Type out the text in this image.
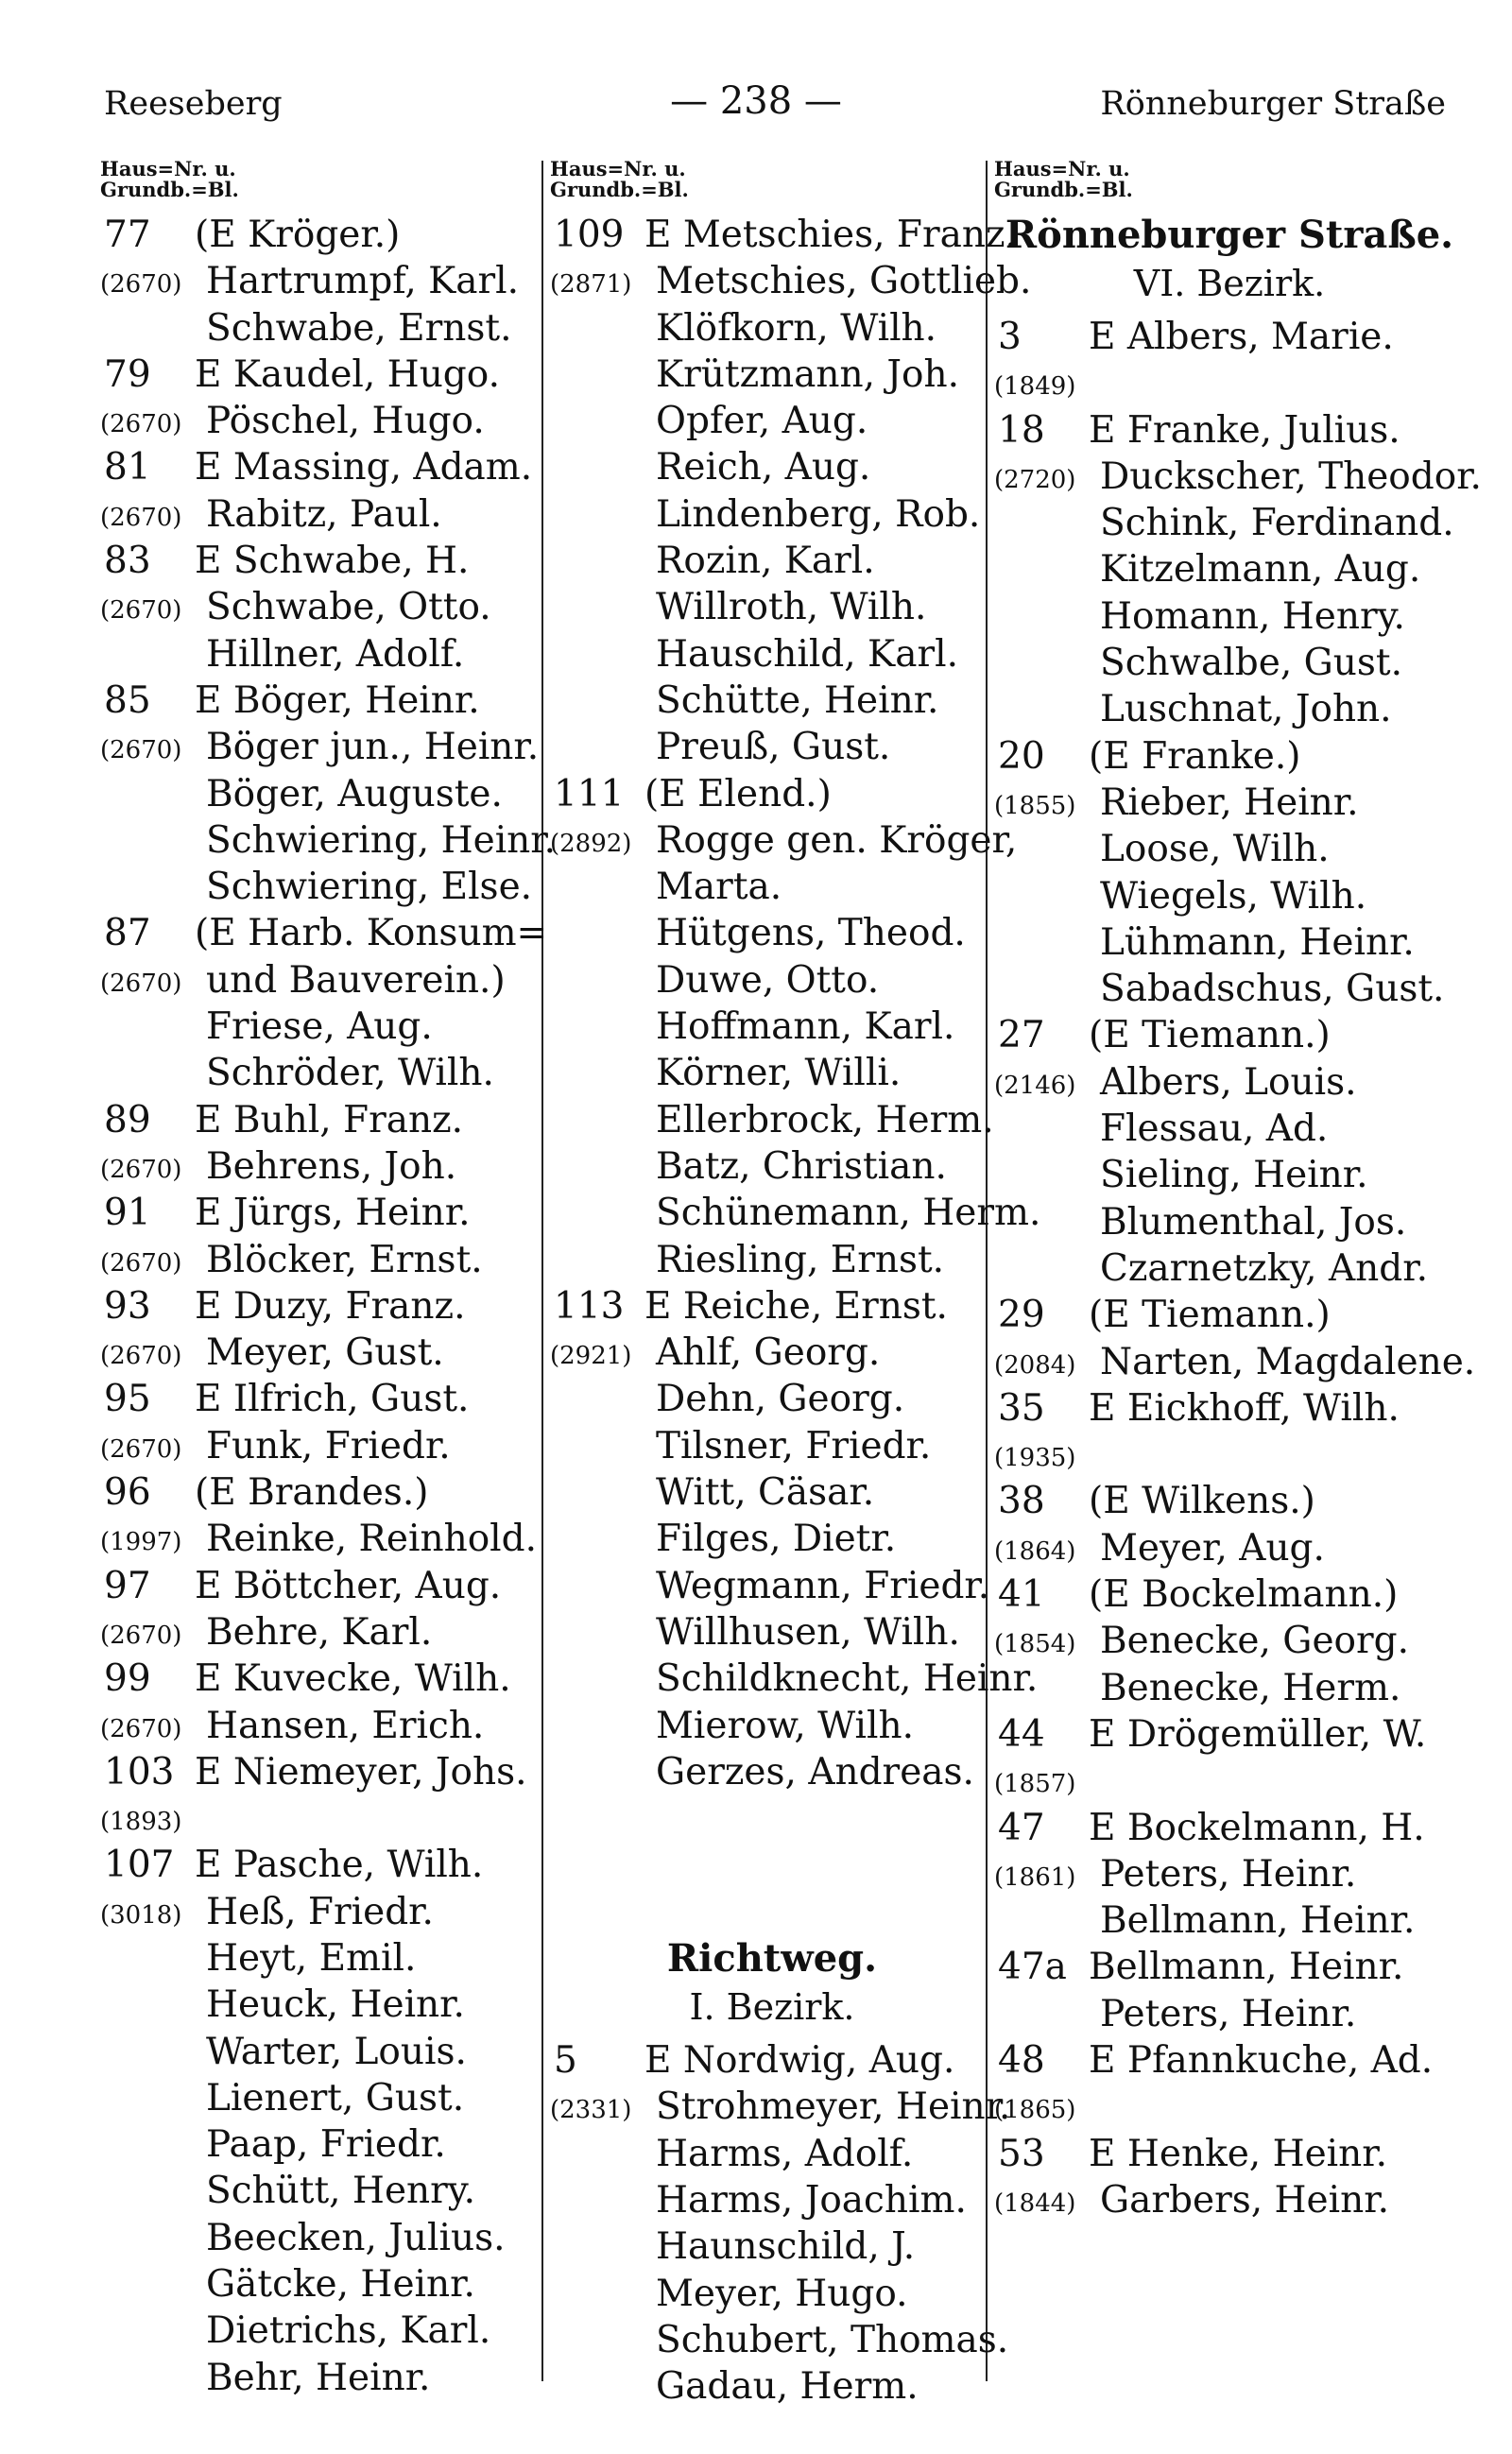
Reeseberg	— 238 —	Rönneburger Straße
Haus=Nr. u.
Grundb.=Bl.
77 (E Kröger.)
(2670) Hartrumpf, Karl.
Schwabe, Ernst.
79 E Kaudel, Hugo.
(2670) Pöschel, Hugo.
81 E Massing, Adam.
(2670) Rabitz, Paul.
83 E Schwabe, H.
(2670) Schwabe, Otto.
Hillner, Adolf.
85 E Böger, Heinr.
(2670) Böger jun., Heinr.
Böger, Auguste.
Schwiering, Heinr.
Schwiering, Else.
87 (E Harb. Konsum=
(2670) und Bauverein.)
Friese, Aug.
Schröder, Wilh.
89 E Buhl, Franz.
(2670) Behrens, Joh.
91 E Jürgs, Heinr.
(2670) Blöcker, Ernst.
93 E Duzy, Franz.
(2670) Meyer, Gust.
95 E Ilfrich, Gust.
(2670) Funk, Friedr.
96 (E Brandes.)
(1997) Reinke, Reinhold.
97 E Böttcher, Aug.
(2670) Behre, Karl.
99 E Kuvecke, Wilh.
(2670) Hansen, Erich.
103 E Niemeyer, Johs.
(1893)
107 E Pasche, Wilh.
(3018) Heß, Friedr.
Heyt, Emil.
Heuck, Heinr.
Warter, Louis.
Lienert, Gust.
Paap, Friedr.
Schütt, Henry.
Beecken, Julius.
Gätcke, Heinr.
Dietrichs, Karl.
Behr, Heinr.
Haus=Nr. u.
Grundb.=Bl.
109 E Metschies, Franz.
(2871) Metschies, Gottlieb.
Klöfkorn, Wilh.
Krützmann, Joh.
Opfer, Aug.
Reich, Aug.
Lindenberg, Rob.
Rozin, Karl.
Willroth, Wilh.
Hauschild, Karl.
Schütte, Heinr.
Preuß, Gust.
111 (E Elend.)
(2892) Rogge gen. Kröger,
Marta.
Hütgens, Theod.
Duwe, Otto.
Hoffmann, Karl.
Körner, Willi.
Ellerbrock, Herm.
Batz, Christian.
Schünemann, Herm.
Riesling, Ernst.
113 E Reiche, Ernst.
(2921) Ahlf, Georg.
Dehn, Georg.
Tilsner, Friedr.
Witt, Cäsar.
Filges, Dietr.
Wegmann, Friedr.
Willhusen, Wilh.
Schildknecht, Heinr.
Mierow, Wilh.
Gerzes, Andreas.
Richtweg.
I. Bezirk.
5 E Nordwig, Aug.
(2331) Strohmeyer, Heinr.
Harms, Adolf.
Harms, Joachim.
Haunschild, J.
Meyer, Hugo.
Schubert, Thomas.
Gadau, Herm.
Haus=Nr. u.
Grundb.=Bl.
Rönneburger Straße.
VI. Bezirk.
3 E Albers, Marie.
(1849)
18 E Franke, Julius.
(2720) Duckscher, Theodor.
Schink, Ferdinand.
Kitzelmann, Aug.
Homann, Henry.
Schwalbe, Gust.
Luschnat, John.
20 (E Franke.)
(1855) Rieber, Heinr.
Loose, Wilh.
Wiegels, Wilh.
Lühmann, Heinr.
Sabadschus, Gust.
27 (E Tiemann.)
(2146) Albers, Louis.
Flessau, Ad.
Sieling, Heinr.
Blumenthal, Jos.
Czarnetzky, Andr.
29 (E Tiemann.)
(2084) Narten, Magdalene.
35 E Eickhoff, Wilh.
(1935)
38 (E Wilkens.)
(1864) Meyer, Aug.
41 (E Bockelmann.)
(1854) Benecke, Georg.
Benecke, Herm.
44 E Drögemüller, W.
(1857)
47 E Bockelmann, H.
(1861) Peters, Heinr.
Bellmann, Heinr.
47a Bellmann, Heinr.
Peters, Heinr.
48 E Pfannkuche, Ad.
(1865)
53 E Henke, Heinr.
(1844) Garbers, Heinr.
